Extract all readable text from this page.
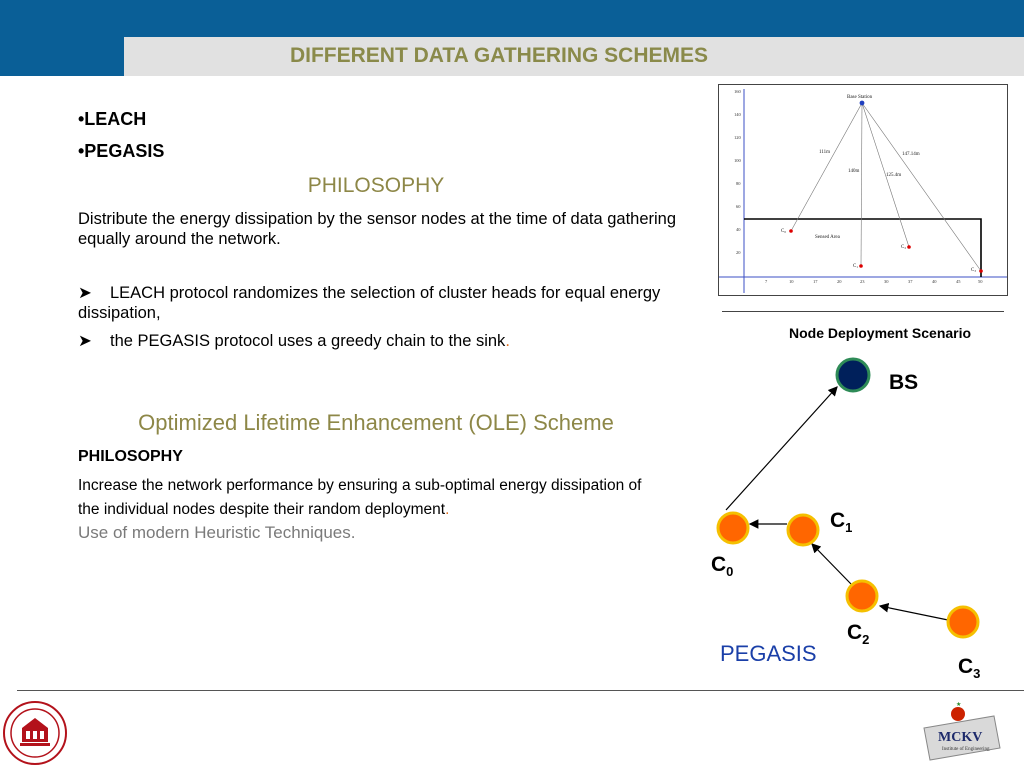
DIFFERENT DATA GATHERING SCHEMES
•LEACH
•PEGASIS
PHILOSOPHY
Distribute the energy dissipation by the sensor nodes at the time of data gathering equally around the network.
➤ LEACH protocol randomizes the selection of cluster heads for equal energy dissipation,
➤ the PEGASIS protocol uses a greedy chain to the sink.
Optimized Lifetime Enhancement (OLE) Scheme
PHILOSOPHY
Increase the network performance by ensuring a sub-optimal energy dissipation of the individual nodes despite their random deployment.
Use of modern Heuristic Techniques.
160
140
120
100
80
60
40
20
7	10	17	20	23	30	37	40	45	50
Base Station
Sensed Area
111m
140m
147.14m
125.4m
C₀
C₁
C₂
C₃
Node Deployment Scenario
BS
$C_1$
$C_0$
$C_2$
$C_3$
PEGASIS
★
MCKV
Institute of Engineering
